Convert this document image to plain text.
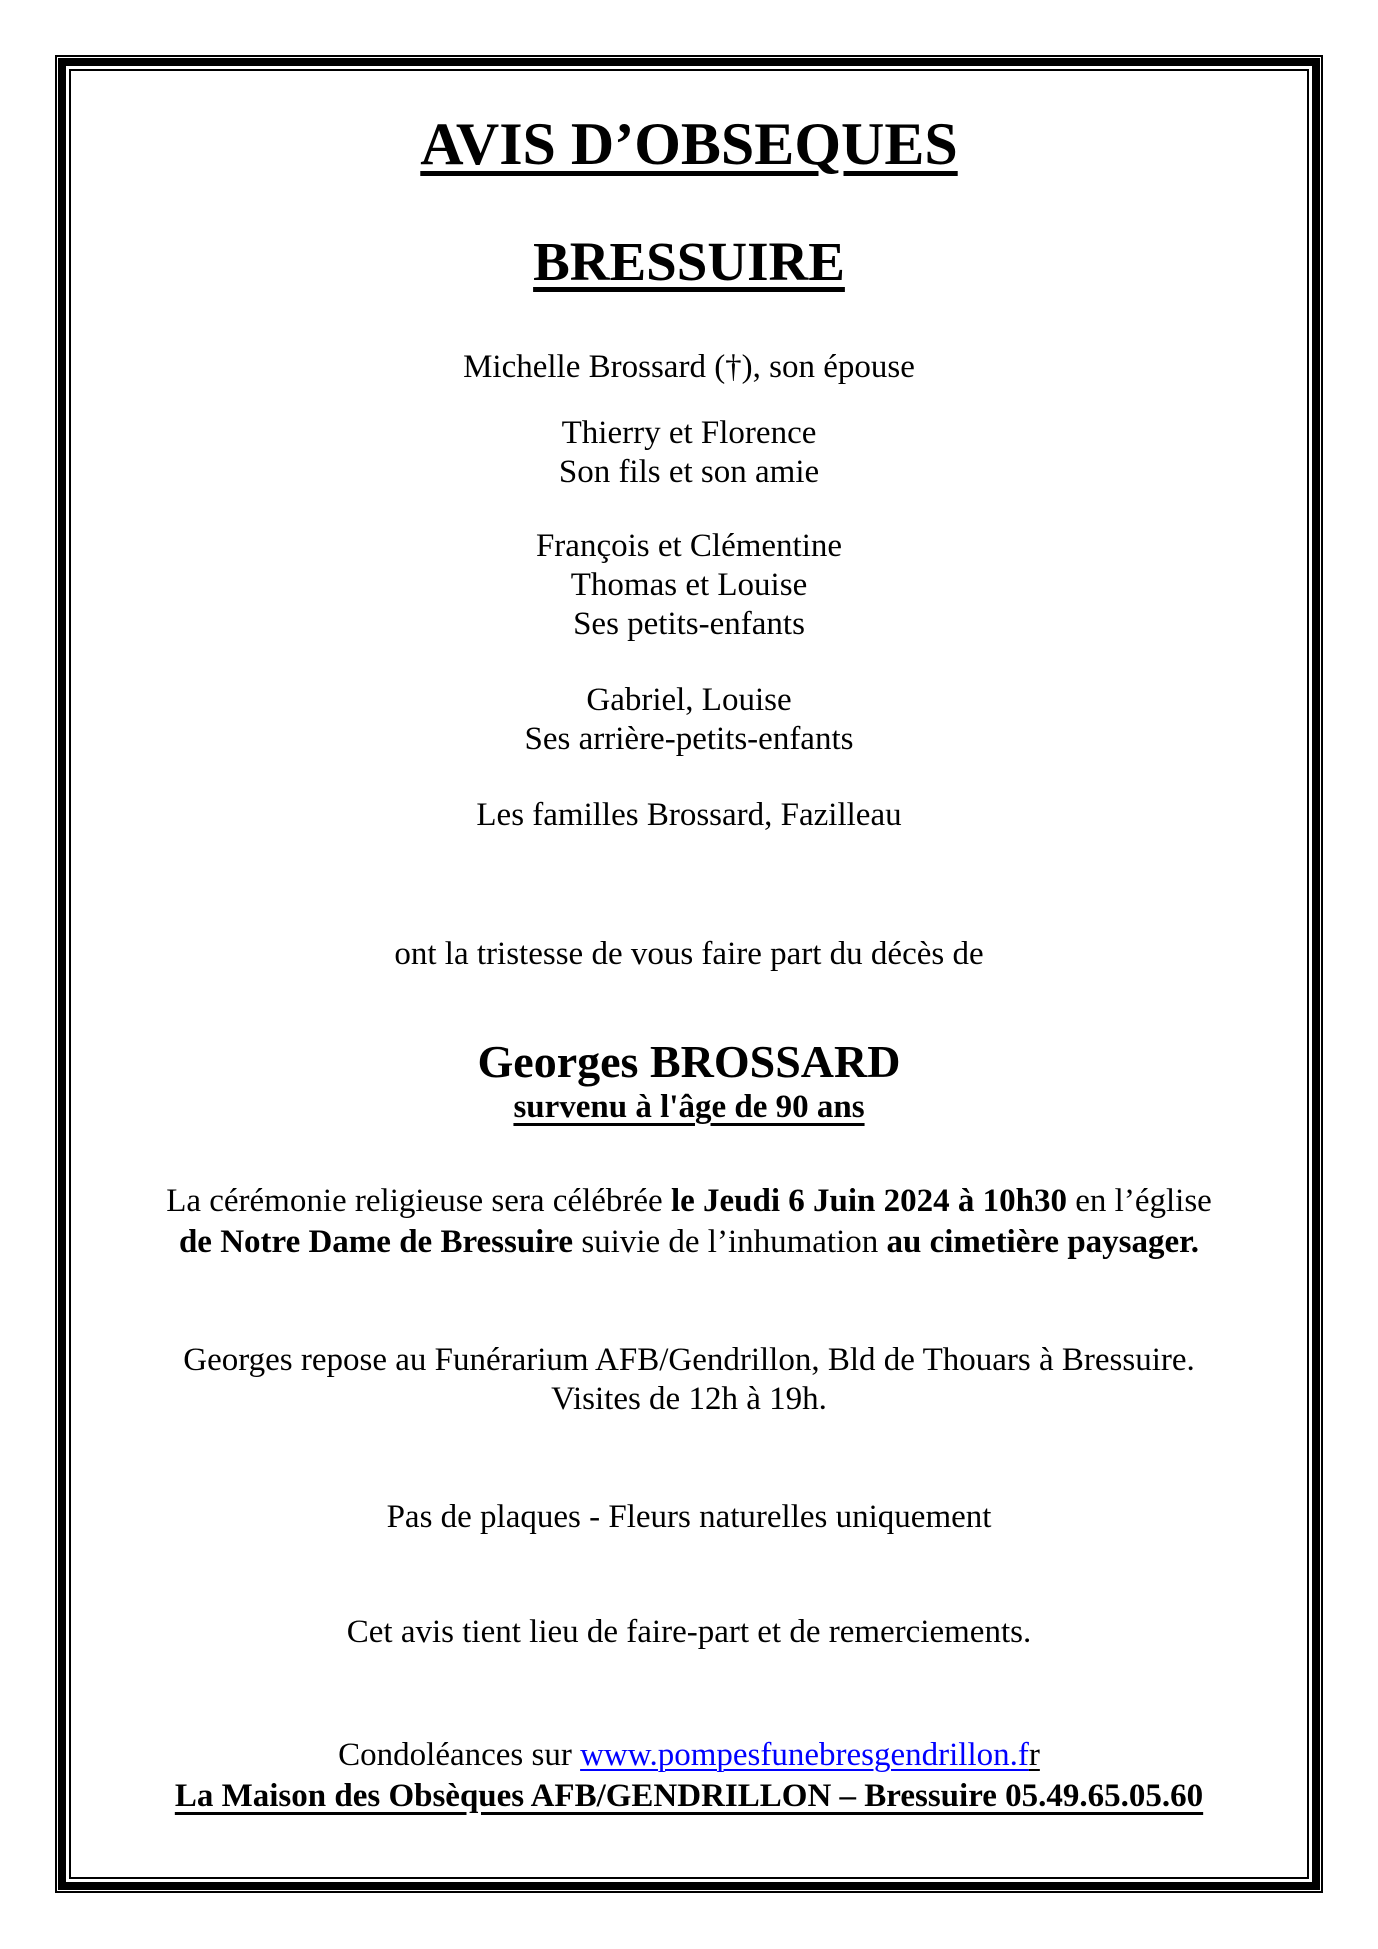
AVIS D’OBSEQUES
BRESSUIRE
Michelle Brossard (†), son épouse
Thierry et Florence
Son fils et son amie
François et Clémentine
Thomas et Louise
Ses petits-enfants
Gabriel, Louise
Ses arrière-petits-enfants
Les familles Brossard, Fazilleau
ont la tristesse de vous faire part du décès de
Georges BROSSARD
survenu à l'âge de 90 ans
La cérémonie religieuse sera célébrée le Jeudi 6 Juin 2024 à 10h30 en l’église
de Notre Dame de Bressuire suivie de l’inhumation au cimetière paysager.
Georges repose au Funérarium AFB/Gendrillon, Bld de Thouars à Bressuire.
Visites de 12h à 19h.
Pas de plaques - Fleurs naturelles uniquement
Cet avis tient lieu de faire-part et de remerciements.
Condoléances sur www.pompesfunebresgendrillon.fr
La Maison des Obsèques AFB/GENDRILLON – Bressuire 05.49.65.05.60
